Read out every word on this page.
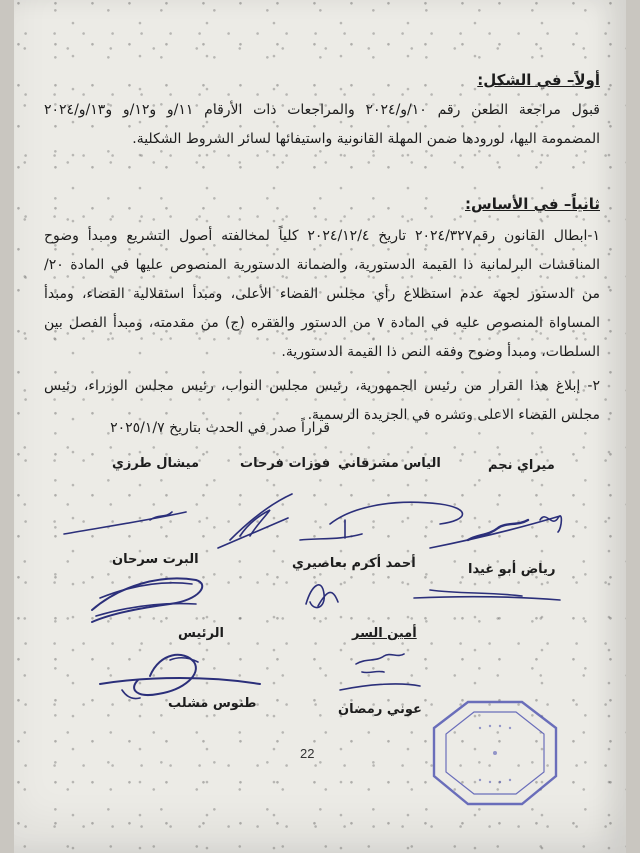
أولاً– في الشكل:
قبول مراجعة الطعن رقم ١٠/و/٢٠٢٤ والمراجعات ذات الأرقام ١١/و و١٢/و و١٣/و/٢٠٢٤ المضمومة اليها، لورودها ضمن المهلة القانونية واستيفائها لسائر الشروط الشكلية.
ثانياً– في الأساس:
١-ابطال القانون رقم٢٠٢٤/٣٢٧ تاريخ ٢٠٢٤/١٢/٤ كلياً لمخالفته أصول التشريع ومبدأ وضوح المناقشات البرلمانية ذا القيمة الدستورية، والضمانة الدستورية المنصوص عليها في المادة ٢٠/ من الدستور لجهة عدم استطلاع رأي مجلس القضاء الأعلى، ومبدأ استقلالية القضاء، ومبدأ المساواة المنصوص عليه في المادة ٧ من الدستور والفقره (ج) من مقدمته، ومبدأ الفصل بين السلطات، ومبدأ وضوح وفقه النص ذا القيمة الدستورية.
٢- إبلاغ هذا القرار من رئيس الجمهورية، رئيس مجلس النواب، رئيس مجلس الوزراء، رئيس مجلس القضاء الاعلى ونشره في الجريدة الرسمية.
قراراً صدر في الحدث بتاريخ ٢٠٢٥/١/٧
ميراي نجم
الياس مشرقاني
فوزات فرحات
ميشال طرزي
رياض أبو غيدا
أحمد أكرم بعاصيري
البرت سرحان
أمين السر
عوني رمضان
الرئيس
طنوس مشلب
22
